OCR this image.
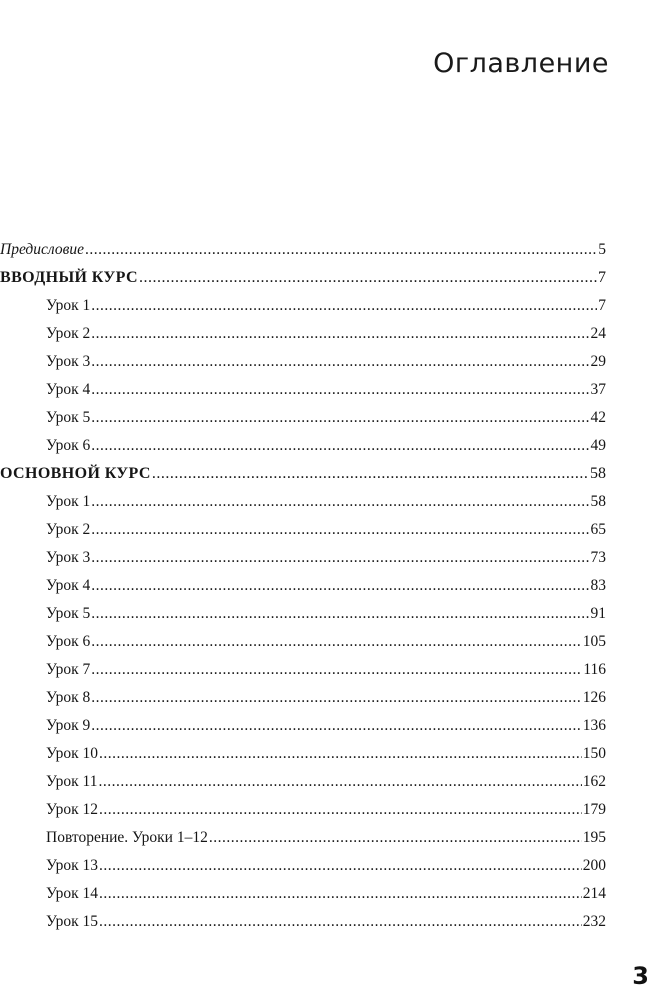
Оглавление
Предисловие .....	5
ВВОДНЫЙ КУРС .....	7
Урок 1 .....	7
Урок 2 .....	24
Урок 3 .....	29
Урок 4 .....	37
Урок 5 .....	42
Урок 6 .....	49
ОСНОВНОЙ КУРС .....	58
Урок 1 .....	58
Урок 2 .....	65
Урок 3 .....	73
Урок 4 .....	83
Урок 5 .....	91
Урок 6 .....	105
Урок 7 .....	116
Урок 8 .....	126
Урок 9 .....	136
Урок 10 .....	150
Урок 11 .....	162
Урок 12 .....	179
Повторение. Уроки 1–12 .....	195
Урок 13 .....	200
Урок 14 .....	214
Урок 15 .....	232
3
